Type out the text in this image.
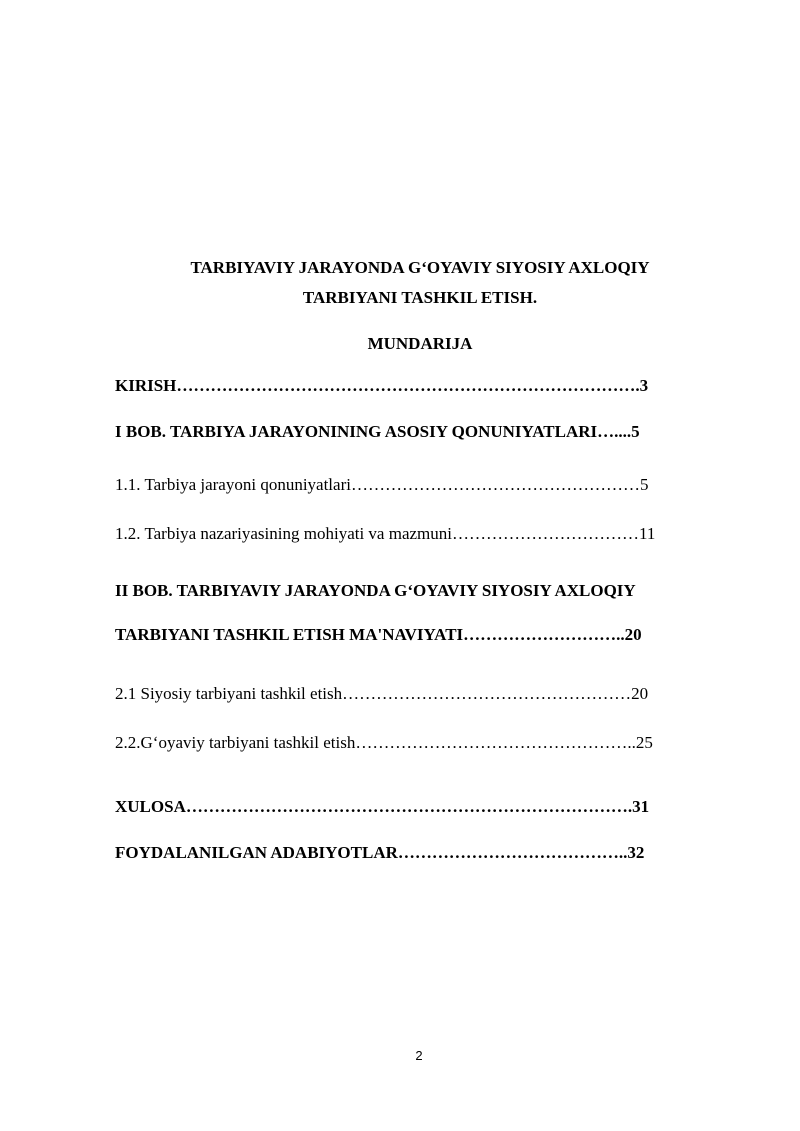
TARBIYAVIY JARAYONDA G‘OYAVIY SIYOSIY AXLOQIY
TARBIYANI TASHKIL ETISH.
MUNDARIJA
KIRISH……………………………………………………………………….3
I BOB. TARBIYA JARAYONINING ASOSIY QONUNIYATLARI…....5
1.1. Tarbiya jarayoni qonuniyatlari……………………………………………5
1.2. Tarbiya nazariyasining mohiyati va mazmuni……………………………11
II BOB. TARBIYAVIY JARAYONDA G‘OYAVIY SIYOSIY AXLOQIY
TARBIYANI TASHKIL ETISH MA'NAVIYATI………………………..20
2.1 Siyosiy tarbiyani tashkil etish……………………………………………20
2.2.G‘oyaviy tarbiyani tashkil etish…………………………………………..25
XULOSA…………………………………………………………………….31
FOYDALANILGAN ADABIYOTLAR…………………………………..32
2
